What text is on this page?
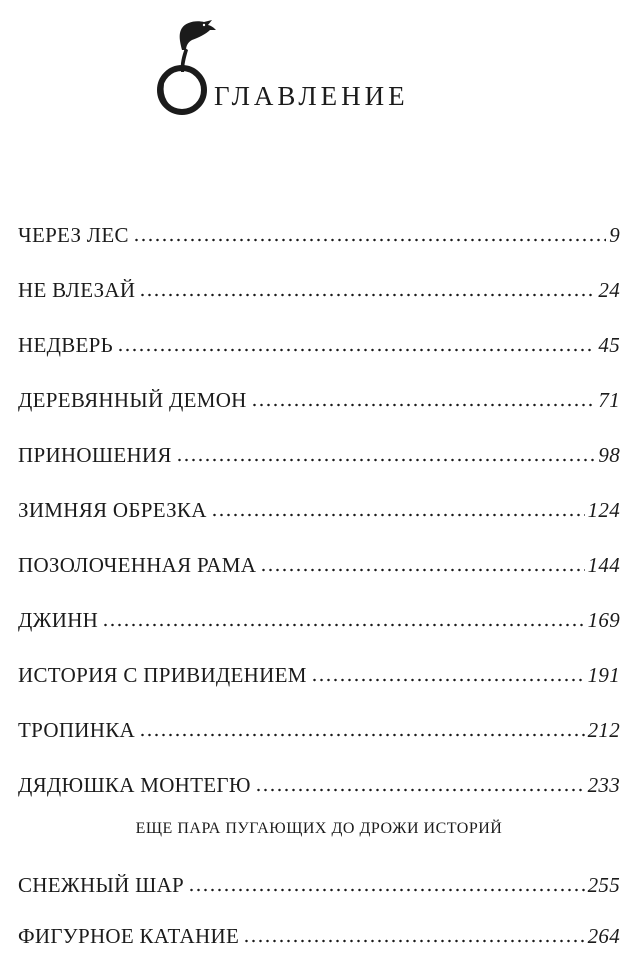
главление
ЧЕРЕЗ ЛЕС	9
НЕ ВЛЕЗАЙ	24
НЕДВЕРЬ	45
ДЕРЕВЯННЫЙ ДЕМОН	71
ПРИНОШЕНИЯ	98
ЗИМНЯЯ ОБРЕЗКА	124
ПОЗОЛОЧЕННАЯ РАМА	144
ДЖИНН	169
ИСТОРИЯ С ПРИВИДЕНИЕМ	191
ТРОПИНКА	212
ДЯДЮШКА МОНТЕГЮ	233
ЕЩЕ ПАРА ПУГАЮЩИХ ДО ДРОЖИ ИСТОРИЙ
СНЕЖНЫЙ ШАР	255
ФИГУРНОЕ КАТАНИЕ	264
